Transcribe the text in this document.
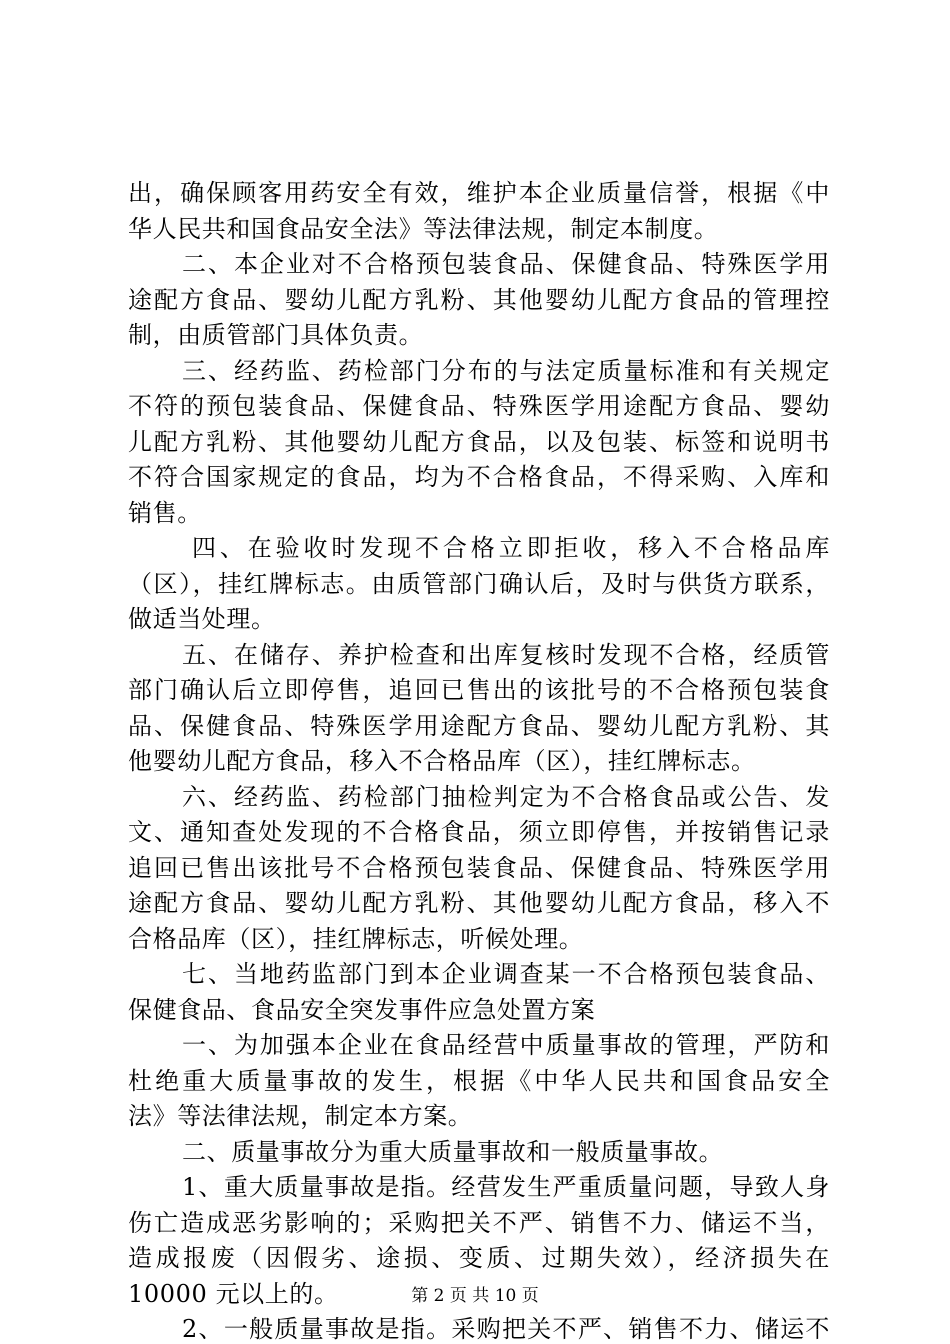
出，确保顾客用药安全有效，维护本企业质量信誉，根据《中
华人民共和国食品安全法》等法律法规，制定本制度。
二、本企业对不合格预包装食品、保健食品、特殊医学用
途配方食品、婴幼儿配方乳粉、其他婴幼儿配方食品的管理控
制，由质管部门具体负责。
三、经药监、药检部门分布的与法定质量标准和有关规定
不符的预包装食品、保健食品、特殊医学用途配方食品、婴幼
儿配方乳粉、其他婴幼儿配方食品，以及包装、标签和说明书
不符合国家规定的食品，均为不合格食品，不得采购、入库和
销售。
四、在验收时发现不合格立即拒收，移入不合格品库
（区），挂红牌标志。由质管部门确认后，及时与供货方联系，
做适当处理。
五、在储存、养护检查和出库复核时发现不合格，经质管
部门确认后立即停售，追回已售出的该批号的不合格预包装食
品、保健食品、特殊医学用途配方食品、婴幼儿配方乳粉、其
他婴幼儿配方食品，移入不合格品库（区），挂红牌标志。
六、经药监、药检部门抽检判定为不合格食品或公告、发
文、通知查处发现的不合格食品，须立即停售，并按销售记录
追回已售出该批号不合格预包装食品、保健食品、特殊医学用
途配方食品、婴幼儿配方乳粉、其他婴幼儿配方食品，移入不
合格品库（区），挂红牌标志，听候处理。
七、当地药监部门到本企业调查某一不合格预包装食品、
保健食品、食品安全突发事件应急处置方案
一、为加强本企业在食品经营中质量事故的管理，严防和
杜绝重大质量事故的发生，根据《中华人民共和国食品安全
法》等法律法规，制定本方案。
二、质量事故分为重大质量事故和一般质量事故。
1、重大质量事故是指。经营发生严重质量问题，导致人身
伤亡造成恶劣影响的；采购把关不严、销售不力、储运不当，
造成报废（因假劣、途损、变质、过期失效），经济损失在
10000 元以上的。
2、一般质量事故是指。采购把关不严、销售不力、储运不
第 2 页 共 10 页
